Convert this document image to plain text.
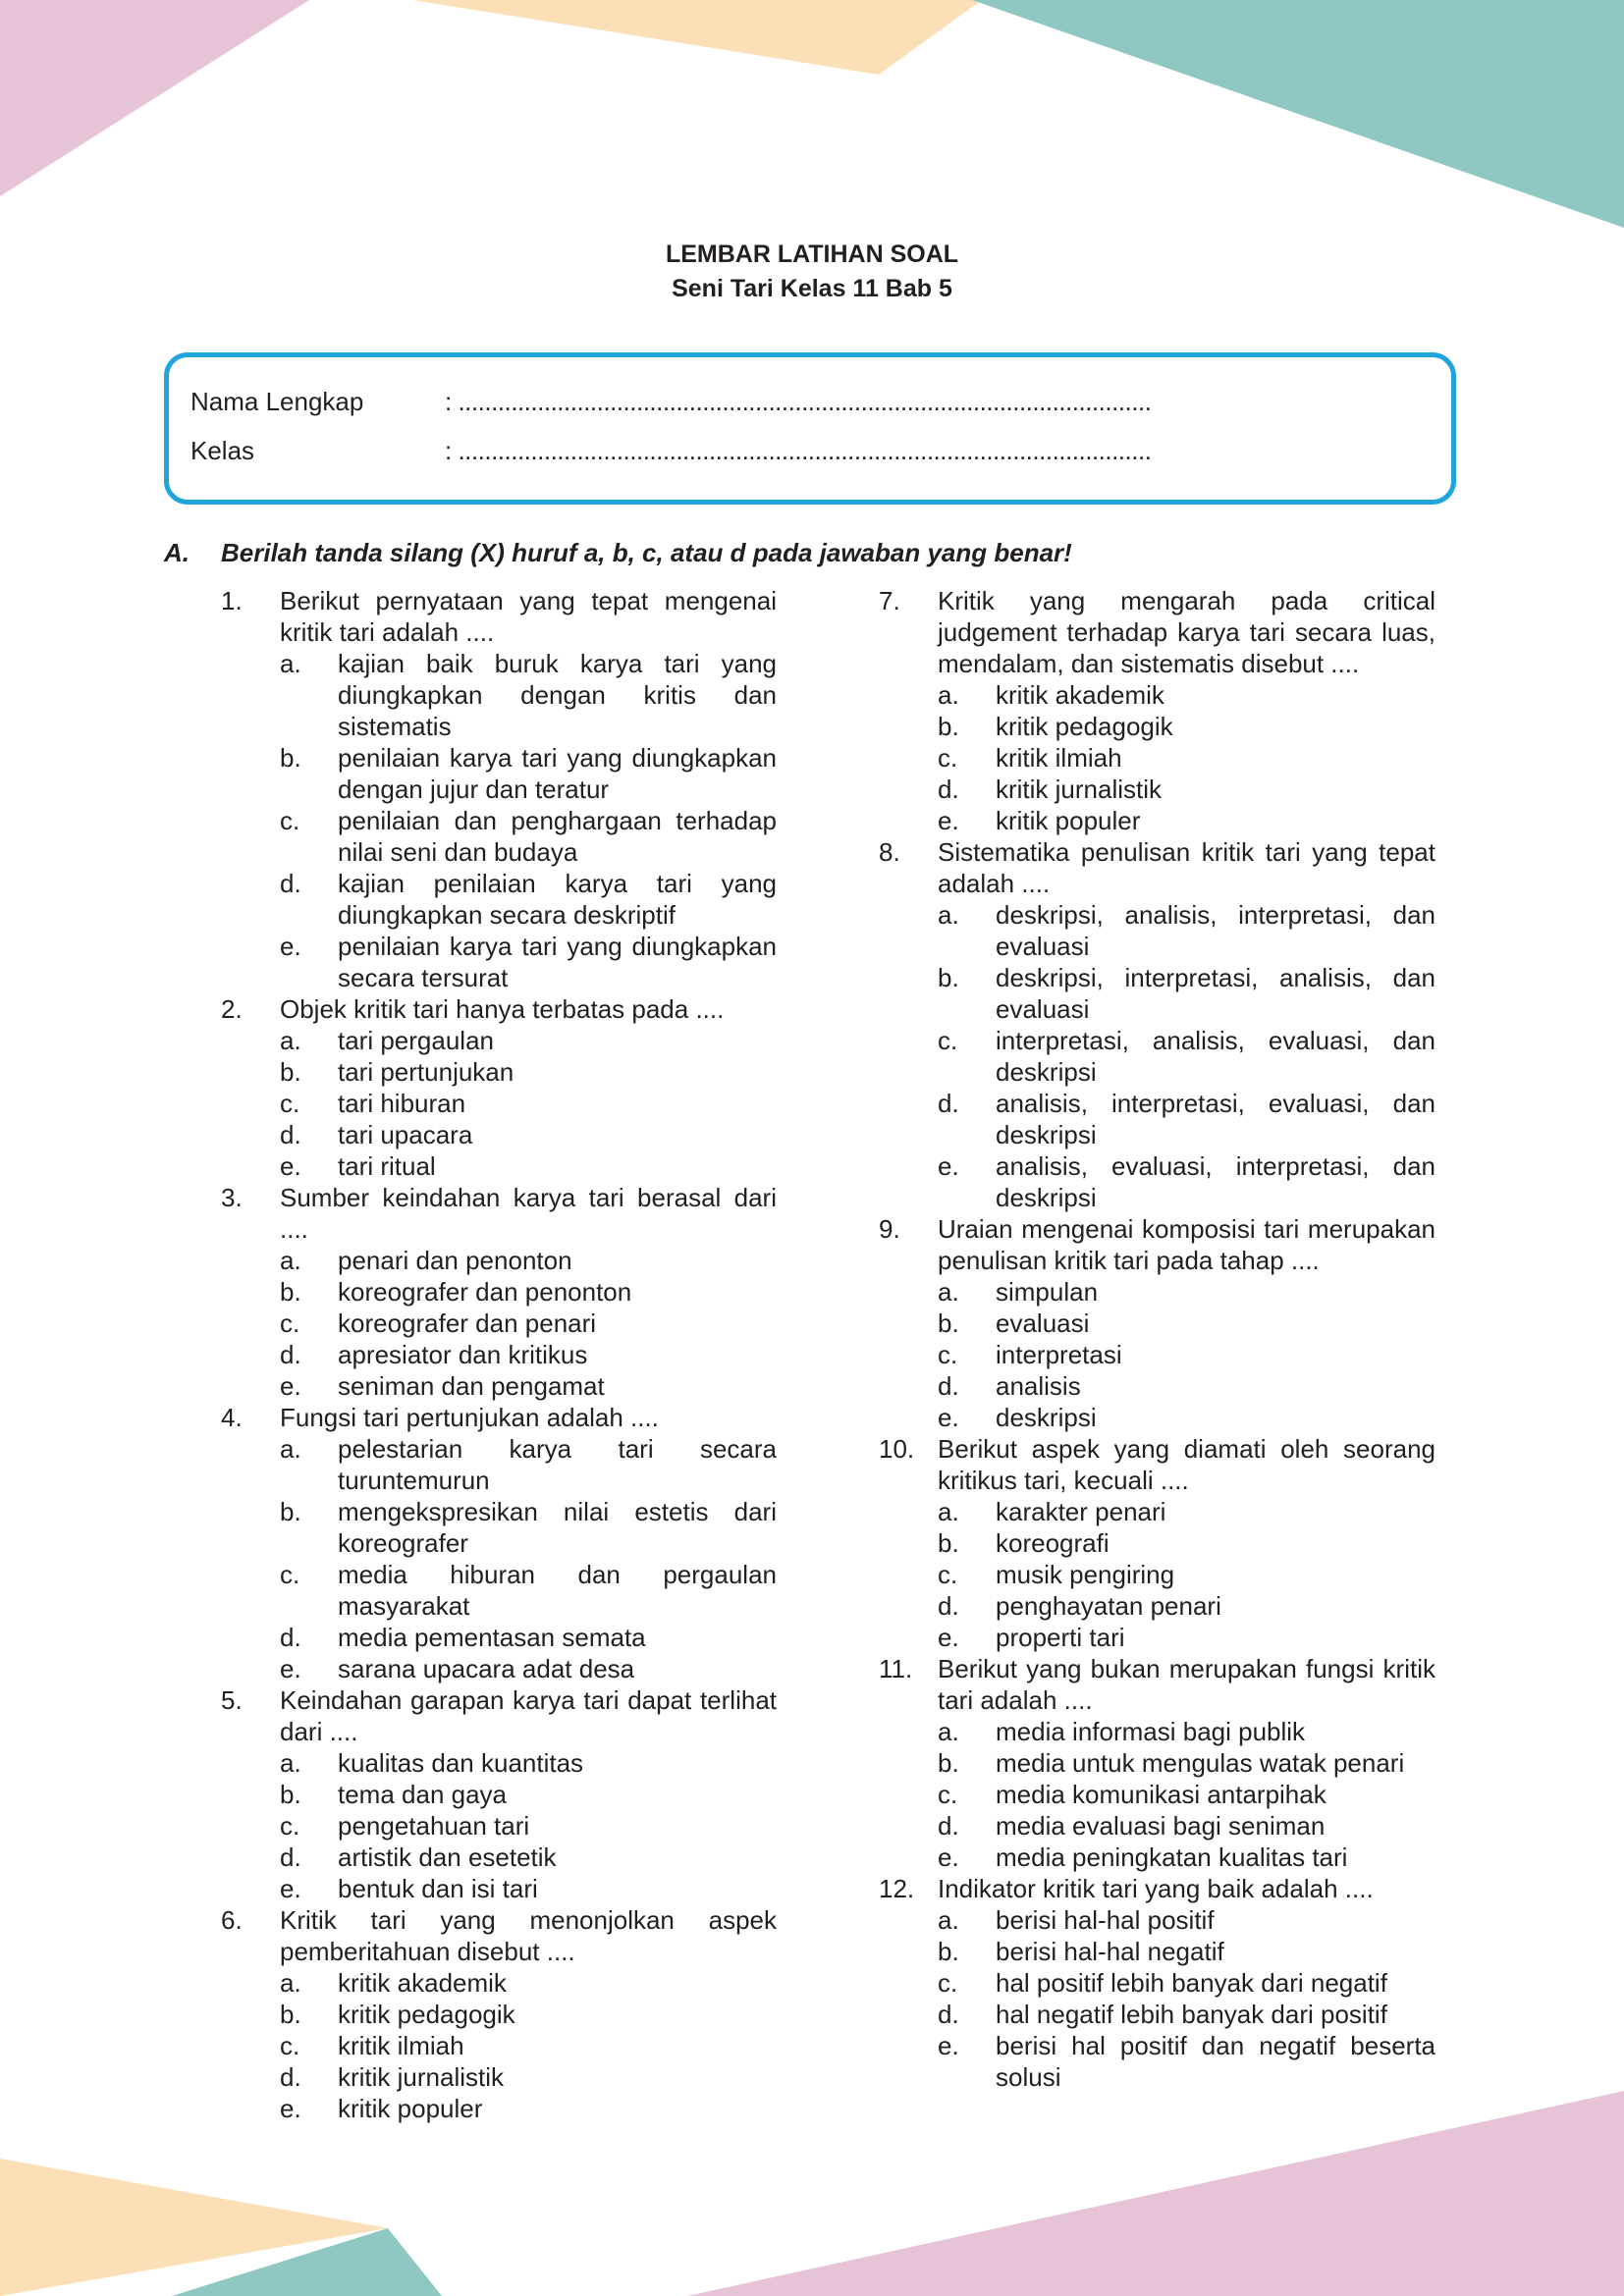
LEMBAR LATIHAN SOAL
Seni Tari Kelas 11 Bab 5
Nama Lengkap	: .........................................................................................................
Kelas	: .........................................................................................................
A. Berilah tanda silang (X) huruf a, b, c, atau d pada jawaban yang benar!
1. Berikut pernyataan yang tepat mengenai kritik tari adalah ....
a. kajian baik buruk karya tari yang diungkapkan dengan kritis dan sistematis
b. penilaian karya tari yang diungkapkan dengan jujur dan teratur
c. penilaian dan penghargaan terhadap nilai seni dan budaya
d. kajian penilaian karya tari yang diungkapkan secara deskriptif
e. penilaian karya tari yang diungkapkan secara tersurat
2. Objek kritik tari hanya terbatas pada ....
a. tari pergaulan
b. tari pertunjukan
c. tari hiburan
d. tari upacara
e. tari ritual
3. Sumber keindahan karya tari berasal dari ....
a. penari dan penonton
b. koreografer dan penonton
c. koreografer dan penari
d. apresiator dan kritikus
e. seniman dan pengamat
4. Fungsi tari pertunjukan adalah ....
a. pelestarian karya tari secara turuntemurun
b. mengekspresikan nilai estetis dari koreografer
c. media hiburan dan pergaulan masyarakat
d. media pementasan semata
e. sarana upacara adat desa
5. Keindahan garapan karya tari dapat terlihat dari ....
a. kualitas dan kuantitas
b. tema dan gaya
c. pengetahuan tari
d. artistik dan esetetik
e. bentuk dan isi tari
6. Kritik tari yang menonjolkan aspek pemberitahuan disebut ....
a. kritik akademik
b. kritik pedagogik
c. kritik ilmiah
d. kritik jurnalistik
e. kritik populer
7. Kritik yang mengarah pada critical judgement terhadap karya tari secara luas, mendalam, dan sistematis disebut ....
a. kritik akademik
b. kritik pedagogik
c. kritik ilmiah
d. kritik jurnalistik
e. kritik populer
8. Sistematika penulisan kritik tari yang tepat adalah ....
a. deskripsi, analisis, interpretasi, dan evaluasi
b. deskripsi, interpretasi, analisis, dan evaluasi
c. interpretasi, analisis, evaluasi, dan deskripsi
d. analisis, interpretasi, evaluasi, dan deskripsi
e. analisis, evaluasi, interpretasi, dan deskripsi
9. Uraian mengenai komposisi tari merupakan penulisan kritik tari pada tahap ....
a. simpulan
b. evaluasi
c. interpretasi
d. analisis
e. deskripsi
10. Berikut aspek yang diamati oleh seorang kritikus tari, kecuali ....
a. karakter penari
b. koreografi
c. musik pengiring
d. penghayatan penari
e. properti tari
11. Berikut yang bukan merupakan fungsi kritik tari adalah ....
a. media informasi bagi publik
b. media untuk mengulas watak penari
c. media komunikasi antarpihak
d. media evaluasi bagi seniman
e. media peningkatan kualitas tari
12. Indikator kritik tari yang baik adalah ....
a. berisi hal-hal positif
b. berisi hal-hal negatif
c. hal positif lebih banyak dari negatif
d. hal negatif lebih banyak dari positif
e. berisi hal positif dan negatif beserta solusi
